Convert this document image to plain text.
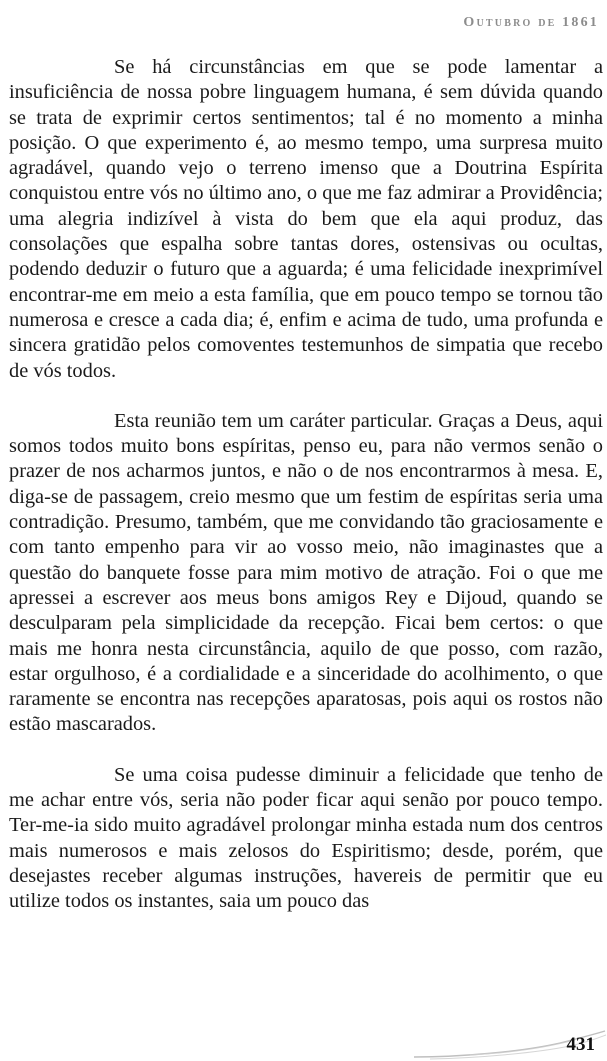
Outubro de 1861

Se há circunstâncias em que se pode lamentar a insuficiência de nossa pobre linguagem humana, é sem dúvida quando se trata de exprimir certos sentimentos; tal é no momento a minha posição. O que experimento é, ao mesmo tempo, uma surpresa muito agradável, quando vejo o terreno imenso que a Doutrina Espírita conquistou entre vós no último ano, o que me faz admirar a Providência; uma alegria indizível à vista do bem que ela aqui produz, das consolações que espalha sobre tantas dores, ostensivas ou ocultas, podendo deduzir o futuro que a aguarda; é uma felicidade inexprimível encontrar-me em meio a esta família, que em pouco tempo se tornou tão numerosa e cresce a cada dia; é, enfim e acima de tudo, uma profunda e sincera gratidão pelos comoventes testemunhos de simpatia que recebo de vós todos.

Esta reunião tem um caráter particular. Graças a Deus, aqui somos todos muito bons espíritas, penso eu, para não vermos senão o prazer de nos acharmos juntos, e não o de nos encontrarmos à mesa. E, diga-se de passagem, creio mesmo que um festim de espíritas seria uma contradição. Presumo, também, que me convidando tão graciosamente e com tanto empenho para vir ao vosso meio, não imaginastes que a questão do banquete fosse para mim motivo de atração. Foi o que me apressei a escrever aos meus bons amigos Rey e Dijoud, quando se desculparam pela simplicidade da recepção. Ficai bem certos: o que mais me honra nesta circunstância, aquilo de que posso, com razão, estar orgulhoso, é a cordialidade e a sinceridade do acolhimento, o que raramente se encontra nas recepções aparatosas, pois aqui os rostos não estão mascarados.

Se uma coisa pudesse diminuir a felicidade que tenho de me achar entre vós, seria não poder ficar aqui senão por pouco tempo. Ter-me-ia sido muito agradável prolongar minha estada num dos centros mais numerosos e mais zelosos do Espiritismo; desde, porém, que desejastes receber algumas instruções, havereis de permitir que eu utilize todos os instantes, saia um pouco das

431
